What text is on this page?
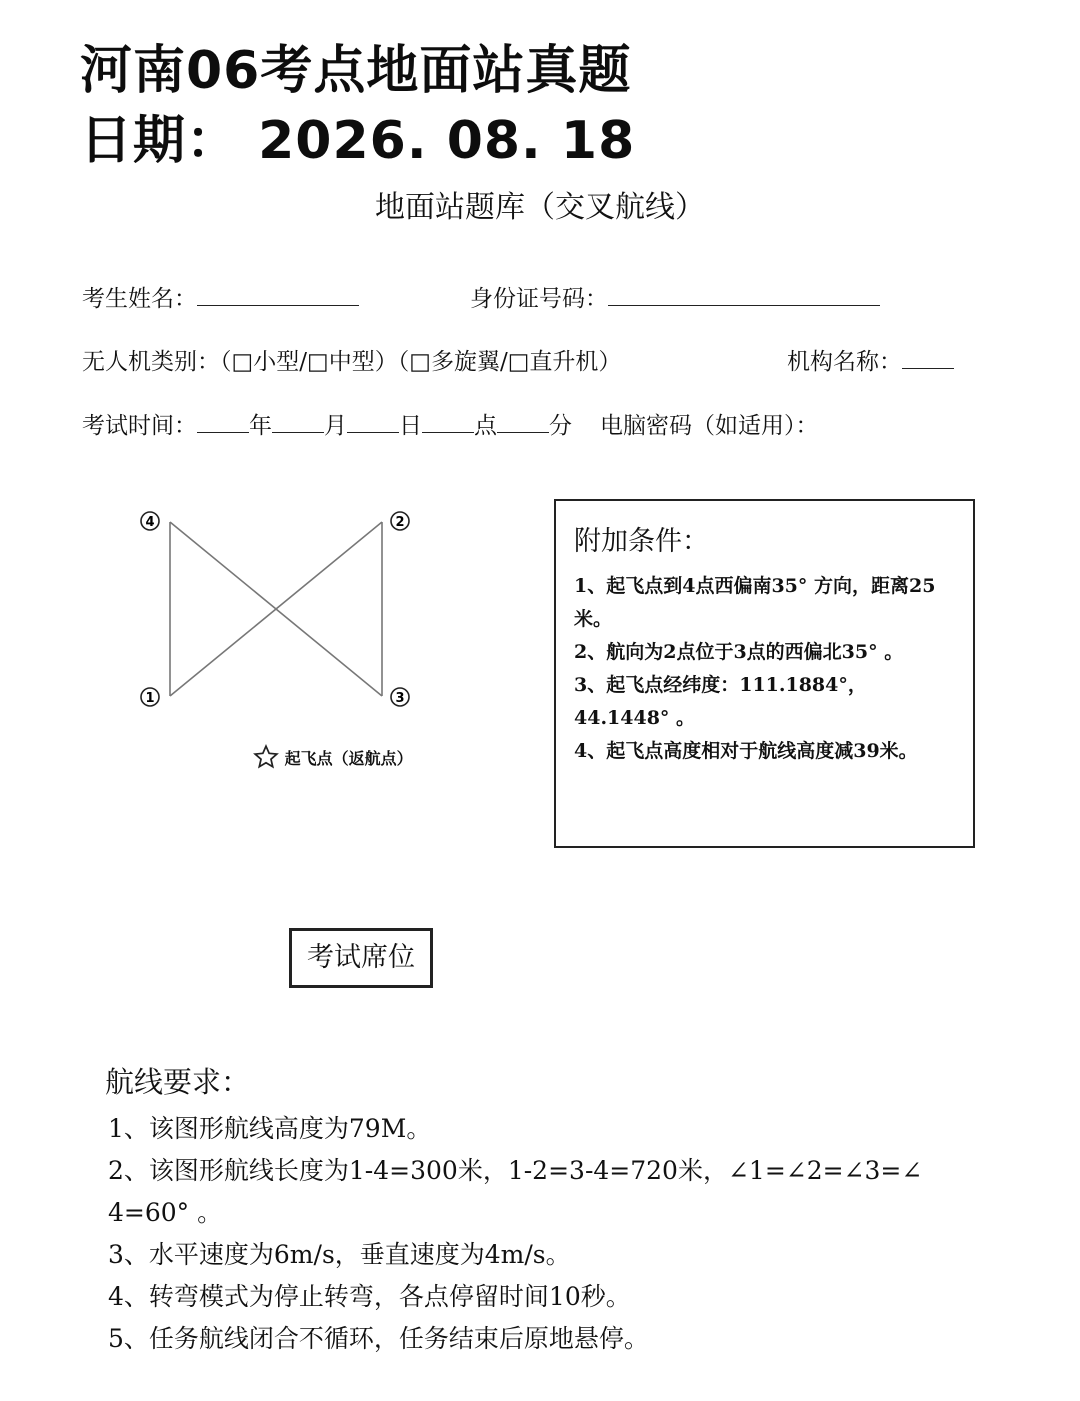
河南06考点地面站真题
日期： 2026. 08. 18
地面站题库（交叉航线）
考生姓名：	身份证号码：
无人机类别：（□小型/□中型）（□多旋翼/□直升机）	机构名称：
考试时间： 年 月 日 点 分 电脑密码（如适用）：
4	2
1	3
起飞点（返航点）
附加条件：
1、起飞点到4点西偏南35° 方向，距离25米。
2、航向为2点位于3点的西偏北35° 。
3、起飞点经纬度：111.1884°，44.1448° 。
4、起飞点高度相对于航线高度减39米。
考试席位
航线要求：
1、该图形航线高度为79M。
2、该图形航线长度为1-4=300米，1-2=3-4=720米，∠1=∠2=∠3=∠
4=60° 。
3、水平速度为6m/s，垂直速度为4m/s。
4、转弯模式为停止转弯，各点停留时间10秒。
5、任务航线闭合不循环，任务结束后原地悬停。
